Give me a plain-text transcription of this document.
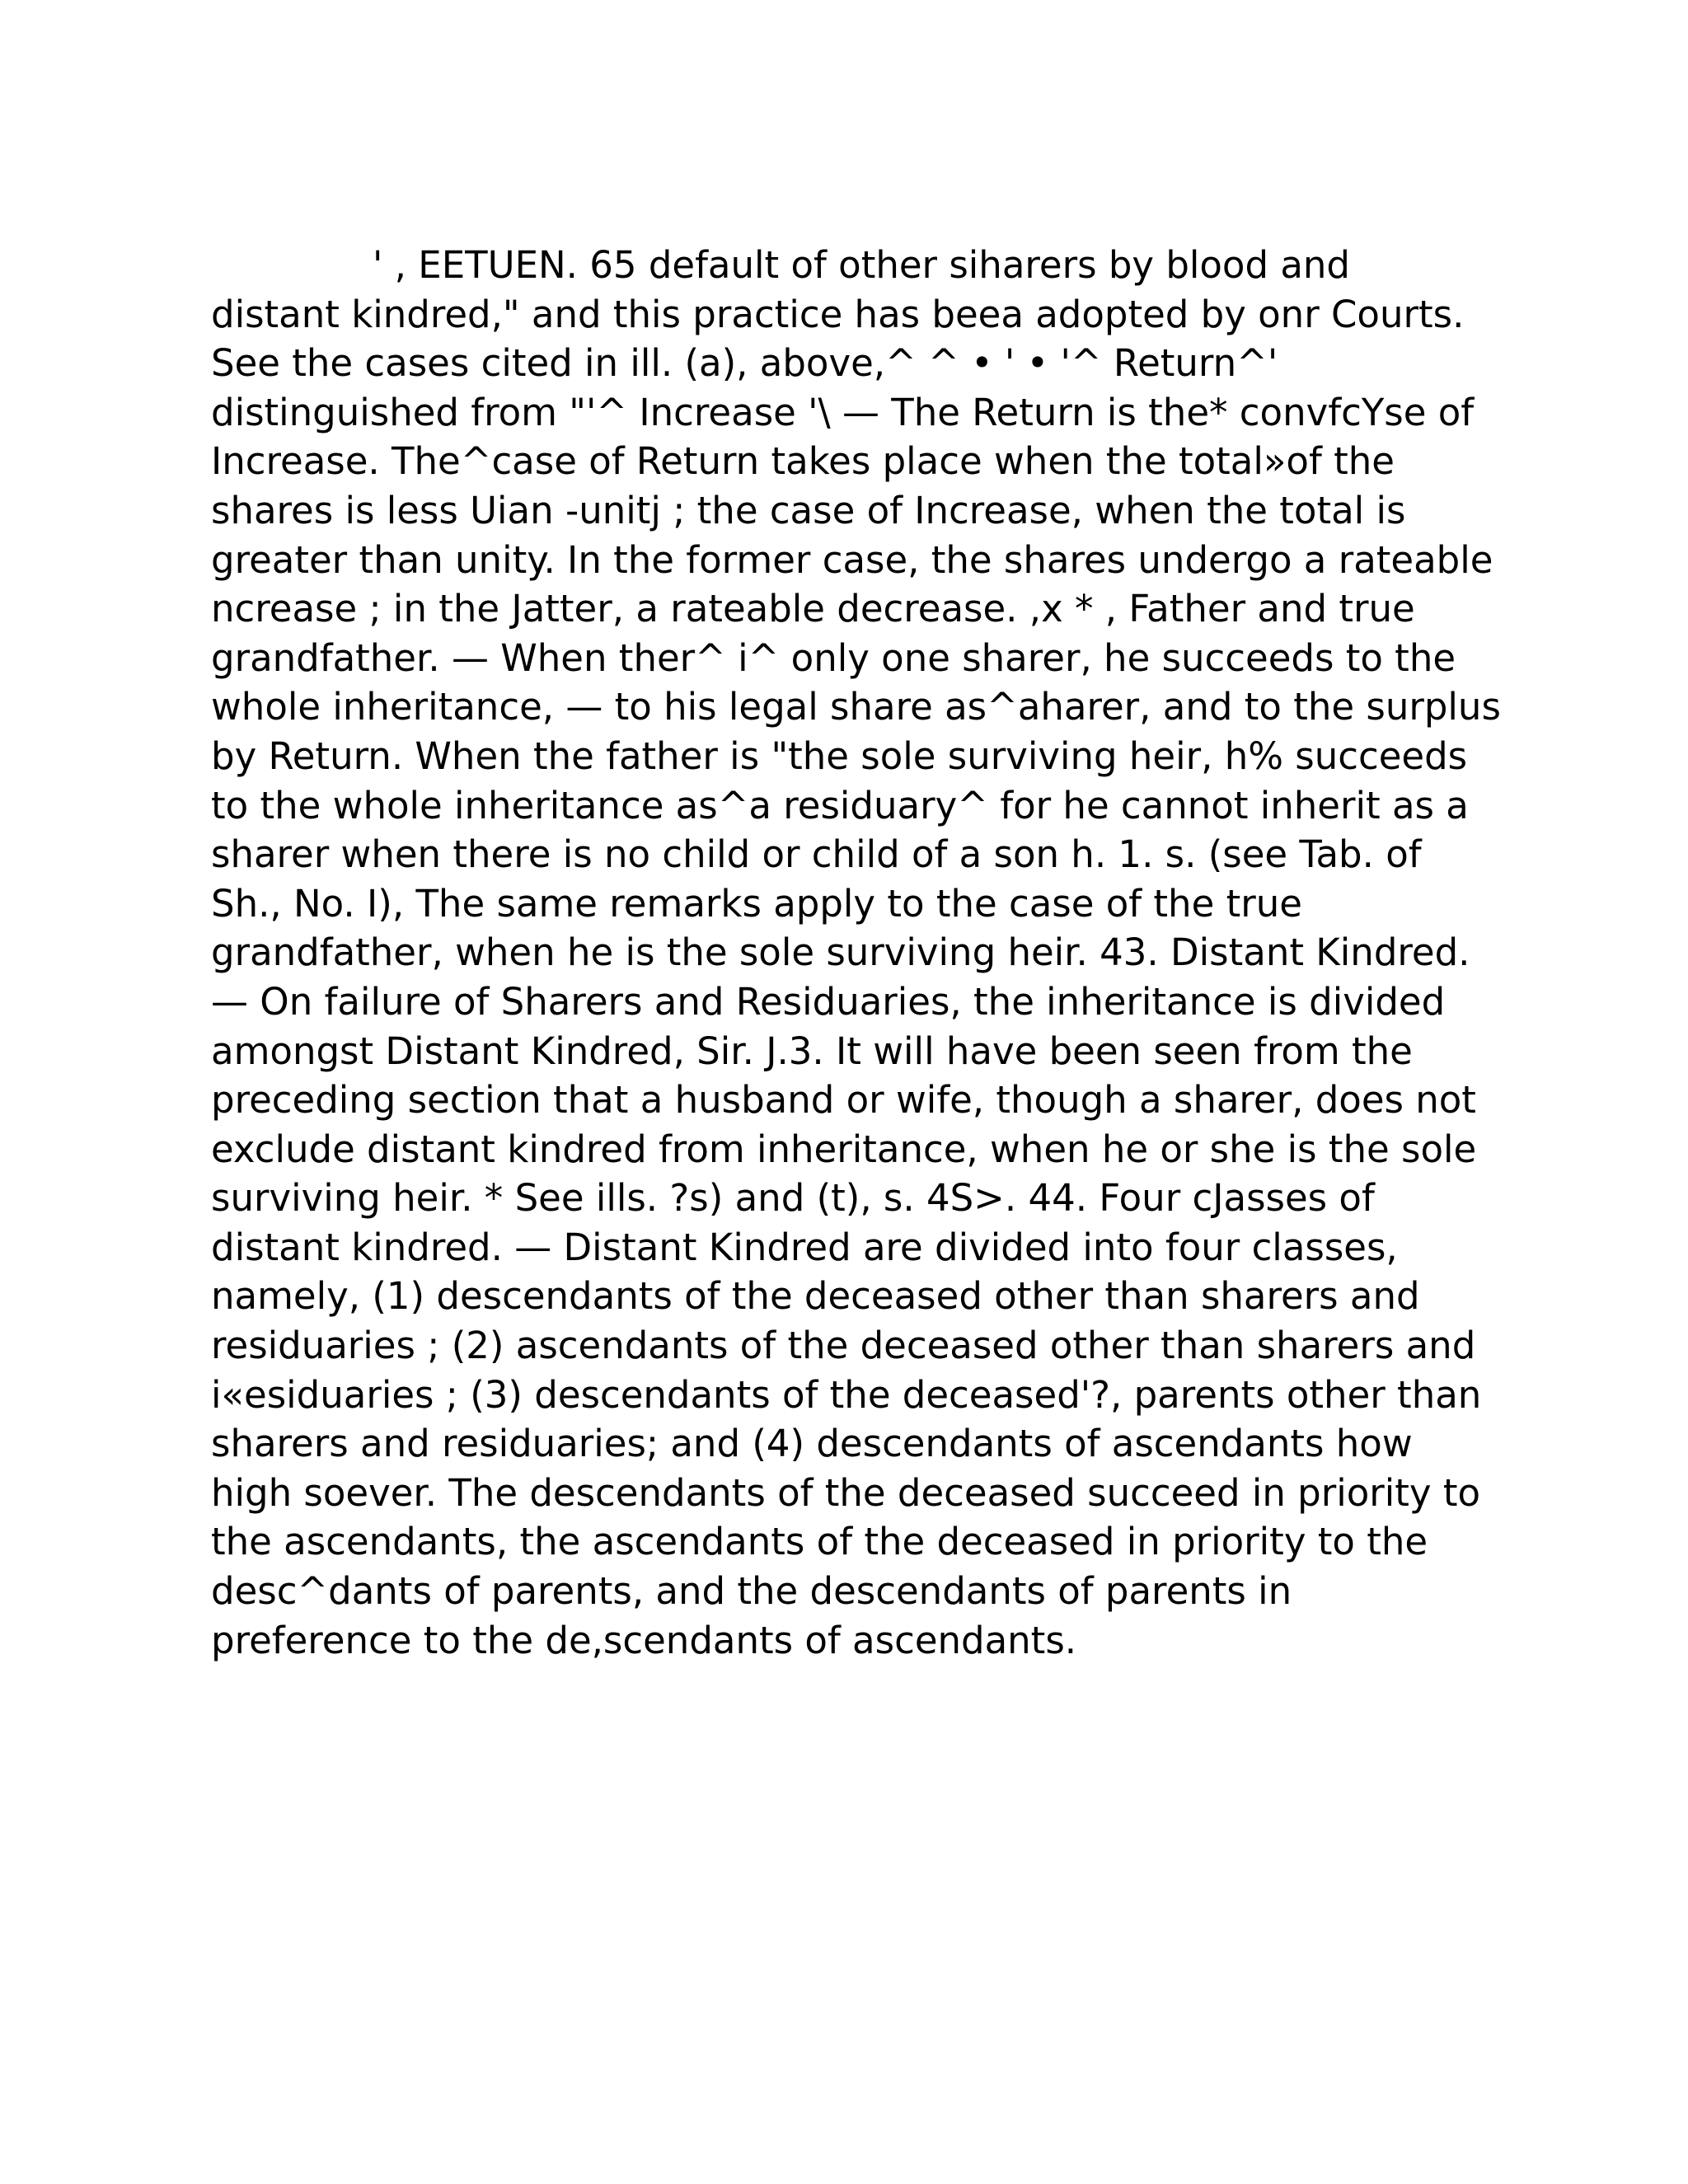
' , EETUEN. 65 default of other siharers by blood and
distant kindred," and this practice has beea adopted by onr Courts.
See the cases cited in ill. (a), above,^ ^ • ' • '^ Return^'
distinguished from "'^ Increase '\ — The Return is the* convfcYse of
Increase. The^case of Return takes place when the total»of the
shares is less Uian -unitj ; the case of Increase, when the total is
greater than unity. In the former case, the shares undergo a rateable
ncrease ; in the Jatter, a rateable decrease. ,x * , Father and true
grandfather. — When ther^ i^ only one sharer, he succeeds to the
whole inheritance, — to his legal share as^aharer, and to the surplus
by Return. When the father is "the sole surviving heir, h% succeeds
to the whole inheritance as^a residuary^ for he cannot inherit as a
sharer when there is no child or child of a son h. 1. s. (see Tab. of
Sh., No. I), The same remarks apply to the case of the true
grandfather, when he is the sole surviving heir. 43. Distant Kindred.
— On failure of Sharers and Residuaries, the inheritance is divided
amongst Distant Kindred, Sir. J.3. It will have been seen from the
preceding section that a husband or wife, though a sharer, does not
exclude distant kindred from inheritance, when he or she is the sole
surviving heir. * See ills. ?s) and (t), s. 4S>. 44. Four cJasses of
distant kindred. — Distant Kindred are divided into four classes,
namely, (1) descendants of the deceased other than sharers and
residuaries ; (2) ascendants of the deceased other than sharers and
i«esiduaries ; (3) descendants of the deceased'?, parents other than
sharers and residuaries; and (4) descendants of ascendants how
high soever. The descendants of the deceased succeed in priority to
the ascendants, the ascendants of the deceased in priority to the
desc^dants of parents, and the descendants of parents in
preference to the de,scendants of ascendants.
